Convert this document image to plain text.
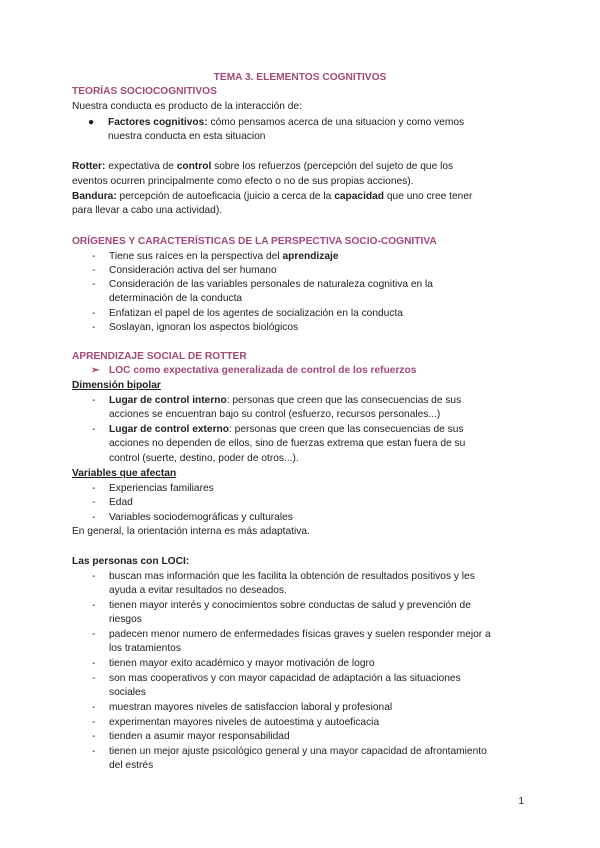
TEMA 3. ELEMENTOS COGNITIVOS
TEORÍAS SOCIOCOGNITIVOS
Nuestra conducta es producto de la interacción de:
● Factores cognitivos: cómo pensamos acerca de una situacion y como vemos
nuestra conducta en esta situacion
Rotter: expectativa de control sobre los refuerzos (percepción del sujeto de que los
eventos ocurren principalmente como efecto o no de sus propias acciones).
Bandura: percepción de autoeficacia (juicio a cerca de la capacidad que uno cree tener
para llevar a cabo una actividad).
ORÍGENES Y CARACTERÍSTICAS DE LA PERSPECTIVA SOCIO-COGNITIVA
- Tiene sus raíces en la perspectiva del aprendizaje
- Consideración activa del ser humano
- Consideración de las variables personales de naturaleza cognitiva en la
determinación de la conducta
- Enfatizan el papel de los agentes de socialización en la conducta
- Soslayan, ignoran los aspectos biológicos
APRENDIZAJE SOCIAL DE ROTTER
➢ LOC como expectativa generalizada de control de los refuerzos
Dimensión bipolar
- Lugar de control interno: personas que creen que las consecuencias de sus
acciones se encuentran bajo su control (esfuerzo, recursos personales...)
- Lugar de control externo: personas que creen que las consecuencias de sus
acciones no dependen de ellos, sino de fuerzas extrema que estan fuera de su
control (suerte, destino, poder de otros...).
Variables que afectan
- Experiencias familiares
- Edad
- Variables sociodemográficas y culturales
En general, la orientación interna es más adaptativa.
Las personas con LOCI:
- buscan mas información que les facilita la obtención de resultados positivos y les
ayuda a evitar resultados no deseados.
- tienen mayor interés y conocimientos sobre conductas de salud y prevención de
riesgos
- padecen menor numero de enfermedades físicas graves y suelen responder mejor a
los tratamientos
- tienen mayor exito académico y mayor motivación de logro
- son mas cooperativos y con mayor capacidad de adaptación a las situaciones
sociales
- muestran mayores niveles de satisfaccion laboral y profesional
- experimentan mayores niveles de autoestima y autoeficacia
- tienden a asumir mayor responsabilidad
- tienen un mejor ajuste psicológico general y una mayor capacidad de afrontamiento
del estrés
1
